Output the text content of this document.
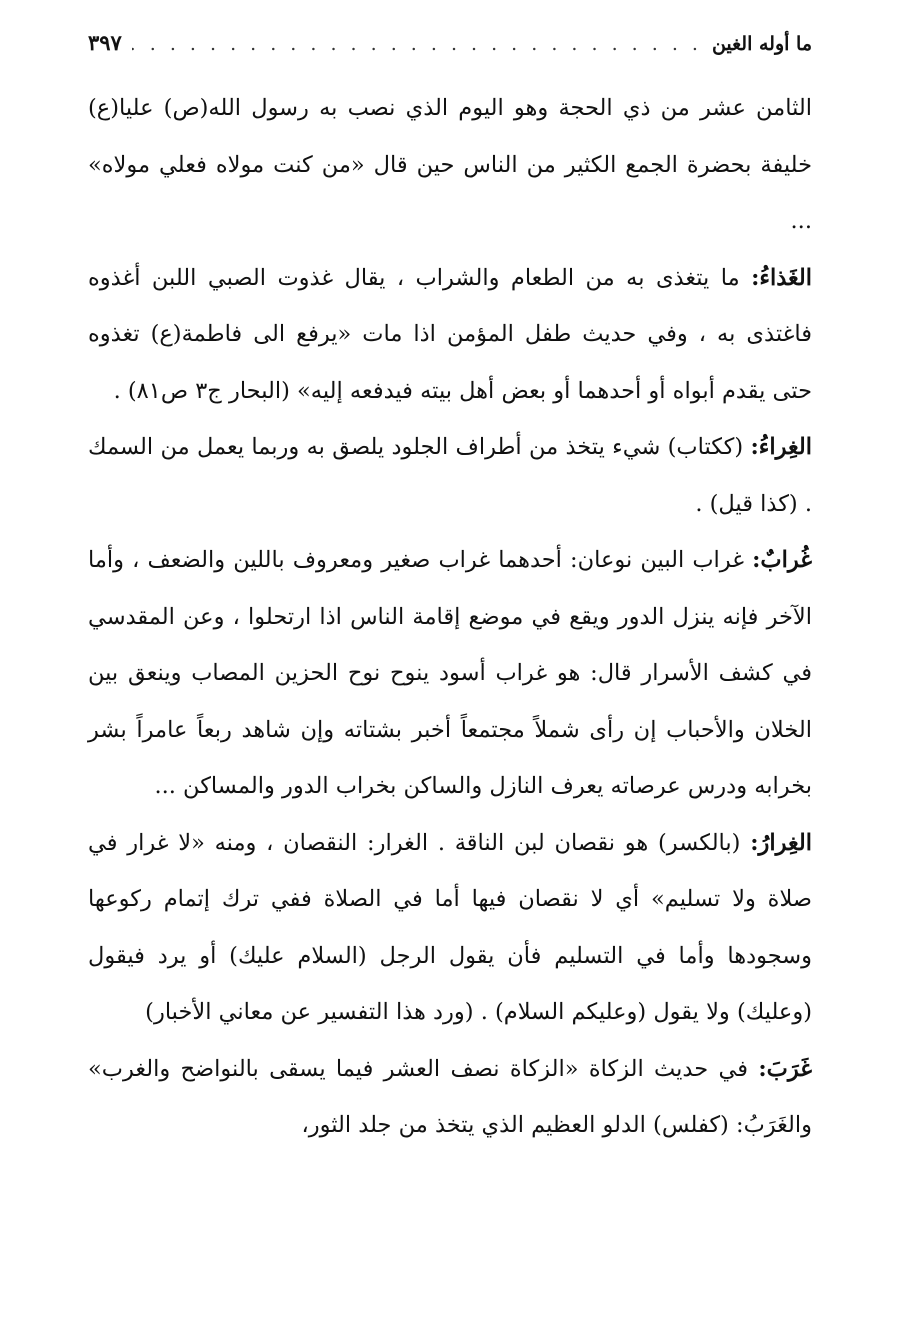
ما أوله الغين
. . .
٣٩٧

الثامن عشر من ذي الحجة وهو اليوم الذي نصب به رسول الله(ص) عليا(ع) خليفة بحضرة الجمع الكثير من الناس حين قال «من كنت مولاه فعلي مولاه» ...

الغَذاءُ: ما يتغذى به من الطعام والشراب ، يقال غذوت الصبي اللبن أغذوه فاغتذى به ، وفي حديث طفل المؤمن اذا مات «يرفع الى فاطمة(ع) تغذوه حتى يقدم أبواه أو أحدهما أو بعض أهل بيته فيدفعه إليه» (البحار ج٣ ص٨١) .

الغِراءُ: (ككتاب) شيء يتخذ من أطراف الجلود يلصق به وربما يعمل من السمك . (كذا قيل) .

غُرابٌ: غراب البين نوعان: أحدهما غراب صغير ومعروف باللين والضعف ، وأما الآخر فإنه ينزل الدور ويقع في موضع إقامة الناس اذا ارتحلوا ، وعن المقدسي في كشف الأسرار قال: هو غراب أسود ينوح نوح الحزين المصاب وينعق بين الخلان والأحباب إن رأى شملاً مجتمعاً أخبر بشتاته وإن شاهد ربعاً عامراً بشر بخرابه ودرس عرصاته يعرف النازل والساكن بخراب الدور والمساكن ...

الغِرارُ: (بالكسر) هو نقصان لبن الناقة . الغرار: النقصان ، ومنه «لا غرار في صلاة ولا تسليم» أي لا نقصان فيها أما في الصلاة ففي ترك إتمام ركوعها وسجودها وأما في التسليم فأن يقول الرجل (السلام عليك) أو يرد فيقول (وعليك) ولا يقول (وعليكم السلام) . (ورد هذا التفسير عن معاني الأخبار)

غَرَبَ: في حديث الزكاة «الزكاة نصف العشر فيما يسقى بالنواضح والغرب» والغَرَبُ: (كفلس) الدلو العظيم الذي يتخذ من جلد الثور،
